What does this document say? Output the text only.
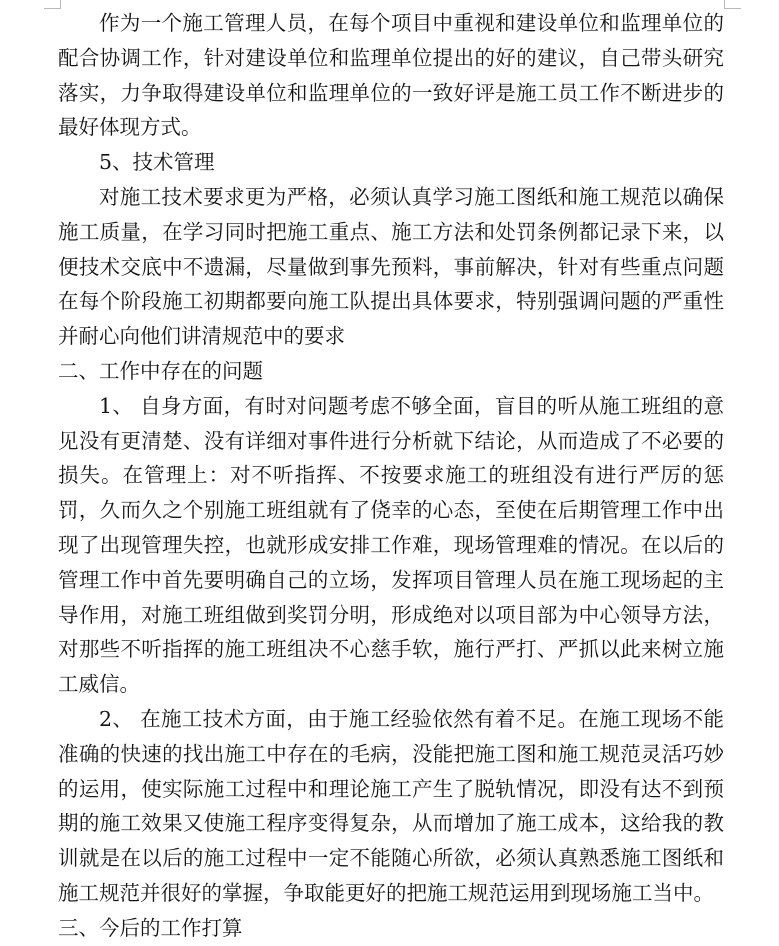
作为一个施工管理人员，在每个项目中重视和建设单位和监理单位的配合协调工作，针对建设单位和监理单位提出的好的建议，自己带头研究落实，力争取得建设单位和监理单位的一致好评是施工员工作不断进步的最好体现方式。

5、技术管理

对施工技术要求更为严格，必须认真学习施工图纸和施工规范以确保施工质量，在学习同时把施工重点、施工方法和处罚条例都记录下来，以便技术交底中不遗漏，尽量做到事先预料，事前解决，针对有些重点问题在每个阶段施工初期都要向施工队提出具体要求，特别强调问题的严重性并耐心向他们讲清规范中的要求

二、工作中存在的问题

1、 自身方面，有时对问题考虑不够全面，盲目的听从施工班组的意见没有更清楚、没有详细对事件进行分析就下结论，从而造成了不必要的损失。在管理上：对不听指挥、不按要求施工的班组没有进行严厉的惩罚，久而久之个别施工班组就有了侥幸的心态，至使在后期管理工作中出现了出现管理失控，也就形成安排工作难，现场管理难的情况。在以后的管理工作中首先要明确自己的立场，发挥项目管理人员在施工现场起的主导作用，对施工班组做到奖罚分明，形成绝对以项目部为中心领导方法，对那些不听指挥的施工班组决不心慈手软，施行严打、严抓以此来树立施工威信。

2、 在施工技术方面，由于施工经验依然有着不足。在施工现场不能准确的快速的找出施工中存在的毛病，没能把施工图和施工规范灵活巧妙的运用，使实际施工过程中和理论施工产生了脱轨情况，即没有达不到预期的施工效果又使施工程序变得复杂，从而增加了施工成本，这给我的教训就是在以后的施工过程中一定不能随心所欲，必须认真熟悉施工图纸和施工规范并很好的掌握，争取能更好的把施工规范运用到现场施工当中。

三、今后的工作打算
